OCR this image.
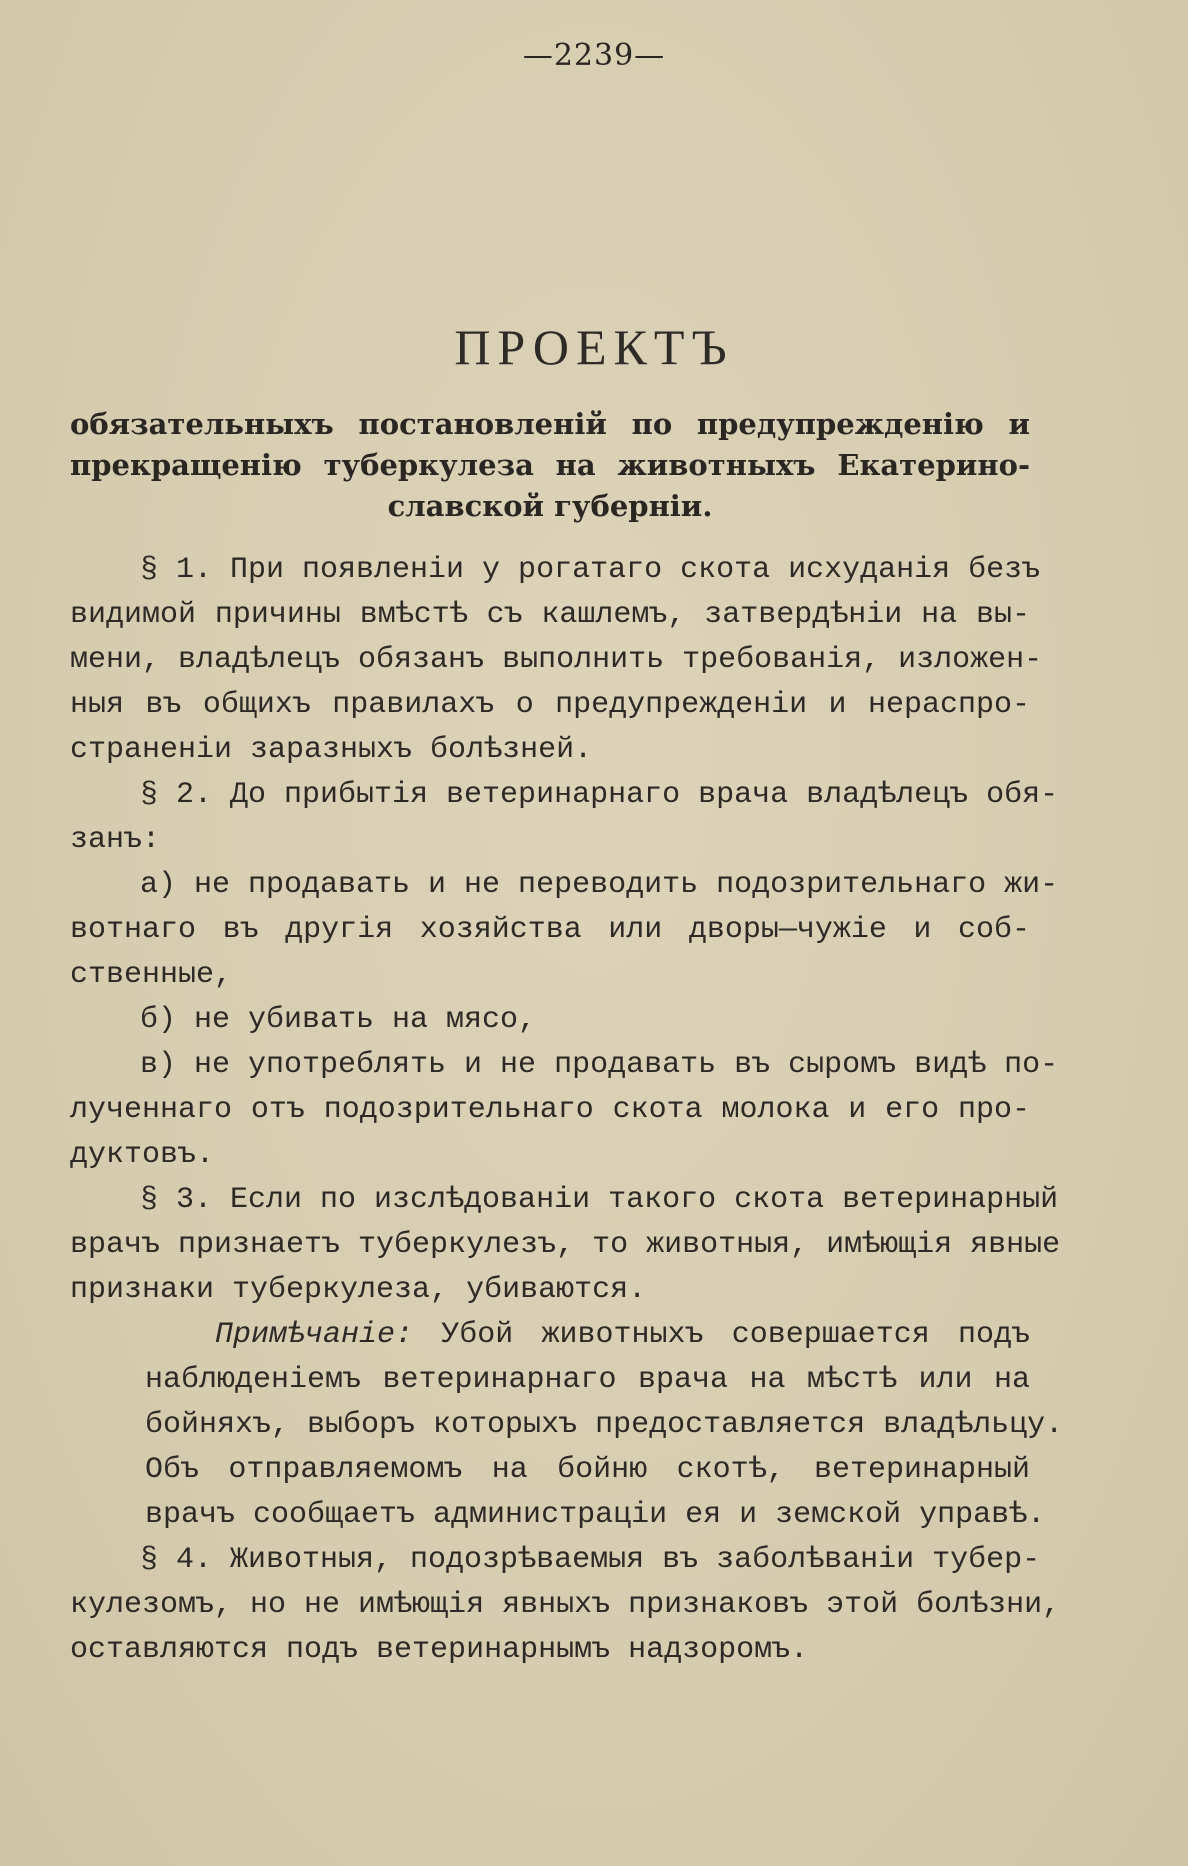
—2239—
ПРОЕКТЪ
обязательныхъ постановленій по предупрежденію и
прекращенію туберкулеза на животныхъ Екатерино-
славской губерніи.
§ 1. При появленіи у рогатаго скота исхуданія безъ
видимой причины вмѣстѣ съ кашлемъ, затвердѣніи на вы-
мени, владѣлецъ обязанъ выполнить требованія, изложен-
ныя въ общихъ правилахъ о предупрежденіи и нераспро-
страненіи заразныхъ болѣзней.
§ 2. До прибытія ветеринарнаго врача владѣлецъ обя-
занъ:
а) не продавать и не переводить подозрительнаго жи-
вотнаго въ другія хозяйства или дворы—чужіе и соб-
ственные,
б) не убивать на мясо,
в) не употреблять и не продавать въ сыромъ видѣ по-
лученнаго отъ подозрительнаго скота молока и его про-
дуктовъ.
§ 3. Если по изслѣдованіи такого скота ветеринарный
врачъ признаетъ туберкулезъ, то животныя, имѣющія явные
признаки туберкулеза, убиваются.
Примѣчаніе: Убой животныхъ совершается подъ
наблюденіемъ ветеринарнаго врача на мѣстѣ или на
бойняхъ, выборъ которыхъ предоставляется владѣльцу.
Объ отправляемомъ на бойню скотѣ, ветеринарный
врачъ сообщаетъ администраціи ея и земской управѣ.
§ 4. Животныя, подозрѣваемыя въ заболѣваніи тубер-
кулезомъ, но не имѣющія явныхъ признаковъ этой болѣзни,
оставляются подъ ветеринарнымъ надзоромъ.
